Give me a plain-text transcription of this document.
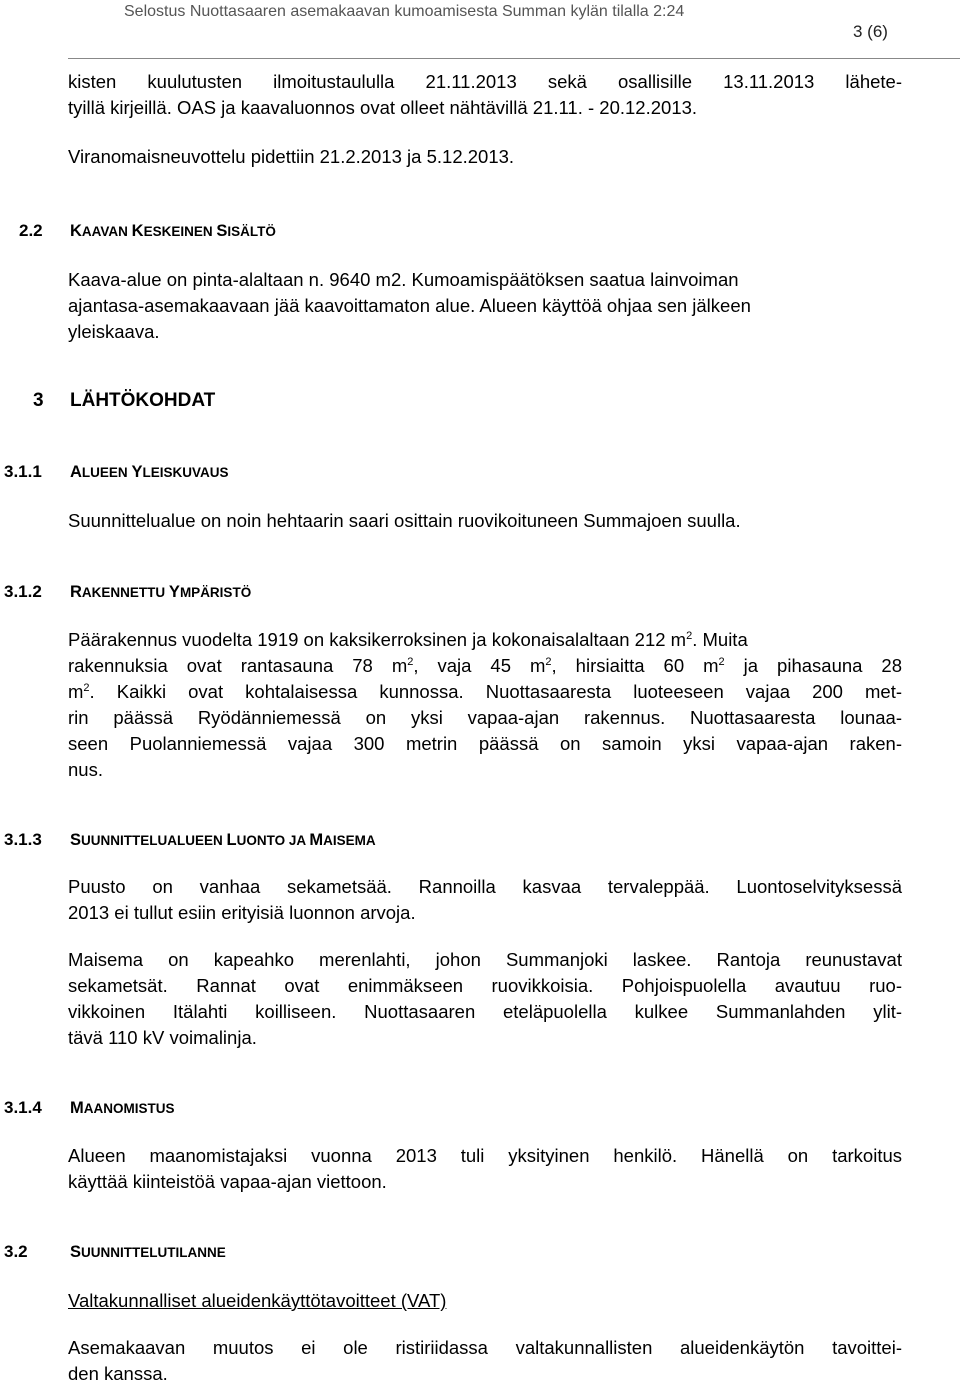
Selostus Nuottasaaren asemakaavan kumoamisesta Summan kylän tilalla 2:24
3 (6)
kisten kuulutusten ilmoitustaululla 21.11.2013 sekä osallisille 13.11.2013 lähete-
tyillä kirjeillä. OAS ja kaavaluonnos ovat olleet nähtävillä 21.11. - 20.12.2013.
Viranomaisneuvottelu pidettiin 21.2.2013 ja 5.12.2013.
2.2 KAAVAN KESKEINEN SISÄLTÖ
Kaava-alue on pinta-alaltaan n. 9640 m2. Kumoamispäätöksen saatua lainvoiman
ajantasa-asemakaavaan jää kaavoittamaton alue. Alueen käyttöä ohjaa sen jälkeen
yleiskaava.
3 LÄHTÖKOHDAT
3.1.1 ALUEEN YLEISKUVAUS
Suunnittelualue on noin hehtaarin saari osittain ruovikoituneen Summajoen suulla.
3.1.2 RAKENNETTU YMPÄRISTÖ
Päärakennus vuodelta 1919 on kaksikerroksinen ja kokonaisalaltaan 212 $m^2$. Muita
rakennuksia ovat rantasauna 78 $m^2$, vaja 45 $m^2$, hirsiaitta 60 $m^2$ ja pihasauna 28
$m^2$. Kaikki ovat kohtalaisessa kunnossa. Nuottasaaresta luoteeseen vajaa 200 met-
rin päässä Ryödänniemessä on yksi vapaa-ajan rakennus. Nuottasaaresta lounaa-
seen Puolanniemessä vajaa 300 metrin päässä on samoin yksi vapaa-ajan raken-
nus.
3.1.3 SUUNNITTELUALUEEN LUONTO JA MAISEMA
Puusto on vanhaa sekametsää. Rannoilla kasvaa tervaleppää. Luontoselvityksessä
2013 ei tullut esiin erityisiä luonnon arvoja.
Maisema on kapeahko merenlahti, johon Summanjoki laskee. Rantoja reunustavat
sekametsät. Rannat ovat enimmäkseen ruovikkoisia. Pohjoispuolella avautuu ruo-
vikkoinen Itälahti koilliseen. Nuottasaaren eteläpuolella kulkee Summanlahden ylit-
tävä 110 kV voimalinja.
3.1.4 MAANOMISTUS
Alueen maanomistajaksi vuonna 2013 tuli yksityinen henkilö. Hänellä on tarkoitus
käyttää kiinteistöä vapaa-ajan viettoon.
3.2	SUUNNITTELUTILANNE
Valtakunnalliset alueidenkäyttötavoitteet (VAT)
Asemakaavan muutos ei ole ristiriidassa valtakunnallisten alueidenkäytön tavoittei-
den kanssa.
